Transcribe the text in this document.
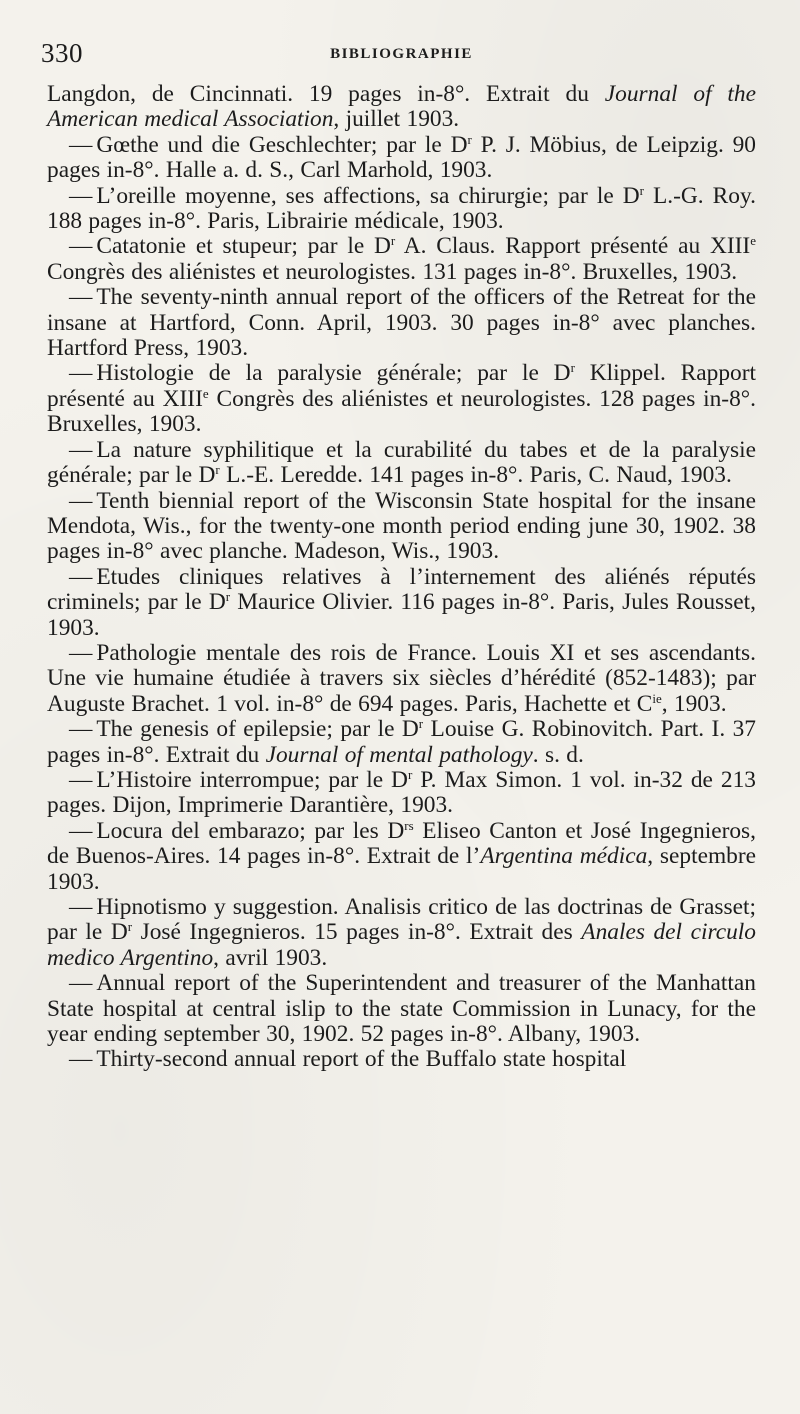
330	BIBLIOGRAPHIE

Langdon, de Cincinnati. 19 pages in-8°. Extrait du Journal of the American medical Association, juillet 1903.

— Gœthe und die Geschlechter; par le $D^r$ P. J. Möbius, de Leipzig. 90 pages in-8°. Halle a. d. S., Carl Marhold, 1903.

— L’oreille moyenne, ses affections, sa chirurgie; par le $D^r$ L.-G. Roy. 188 pages in-8°. Paris, Librairie médicale, 1903.

— Catatonie et stupeur; par le $D^r$ A. Claus. Rapport présenté au XIIIe Congrès des aliénistes et neurologistes. 131 pages in-8°. Bruxelles, 1903.

— The seventy-ninth annual report of the officers of the Retreat for the insane at Hartford, Conn. April, 1903. 30 pages in-8° avec planches. Hartford Press, 1903.

— Histologie de la paralysie générale; par le $D^r$ Klippel. Rapport présenté au XIIIe Congrès des aliénistes et neurologistes. 128 pages in-8°. Bruxelles, 1903.

— La nature syphilitique et la curabilité du tabes et de la paralysie générale; par le $D^r$ L.-E. Leredde. 141 pages in-8°. Paris, C. Naud, 1903.

— Tenth biennial report of the Wisconsin State hospital for the insane Mendota, Wis., for the twenty-one month period ending june 30, 1902. 38 pages in-8° avec planche. Madeson, Wis., 1903.

— Etudes cliniques relatives à l’internement des aliénés réputés criminels; par le $D^r$ Maurice Olivier. 116 pages in-8°. Paris, Jules Rousset, 1903.

— Pathologie mentale des rois de France. Louis XI et ses ascendants. Une vie humaine étudiée à travers six siècles d’hérédité (852-1483); par Auguste Brachet. 1 vol. in-8° de 694 pages. Paris, Hachette et $C^{ie}$, 1903.

— The genesis of epilepsie; par le $D^r$ Louise G. Robinovitch. Part. I. 37 pages in-8°. Extrait du Journal of mental pathology. s. d.

— L’Histoire interrompue; par le $D^r$ P. Max Simon. 1 vol. in-32 de 213 pages. Dijon, Imprimerie Darantière, 1903.

— Locura del embarazo; par les $D^{rs}$ Eliseo Canton et José Ingegnieros, de Buenos-Aires. 14 pages in-8°. Extrait de l’Argentina médica, septembre 1903.

— Hipnotismo y suggestion. Analisis critico de las doctrinas de Grasset; par le $D^r$ José Ingegnieros. 15 pages in-8°. Extrait des Anales del circulo medico Argentino, avril 1903.

— Annual report of the Superintendent and treasurer of the Manhattan State hospital at central islip to the state Commission in Lunacy, for the year ending september 30, 1902. 52 pages in-8°. Albany, 1903.

— Thirty-second annual report of the Buffalo state hospital
